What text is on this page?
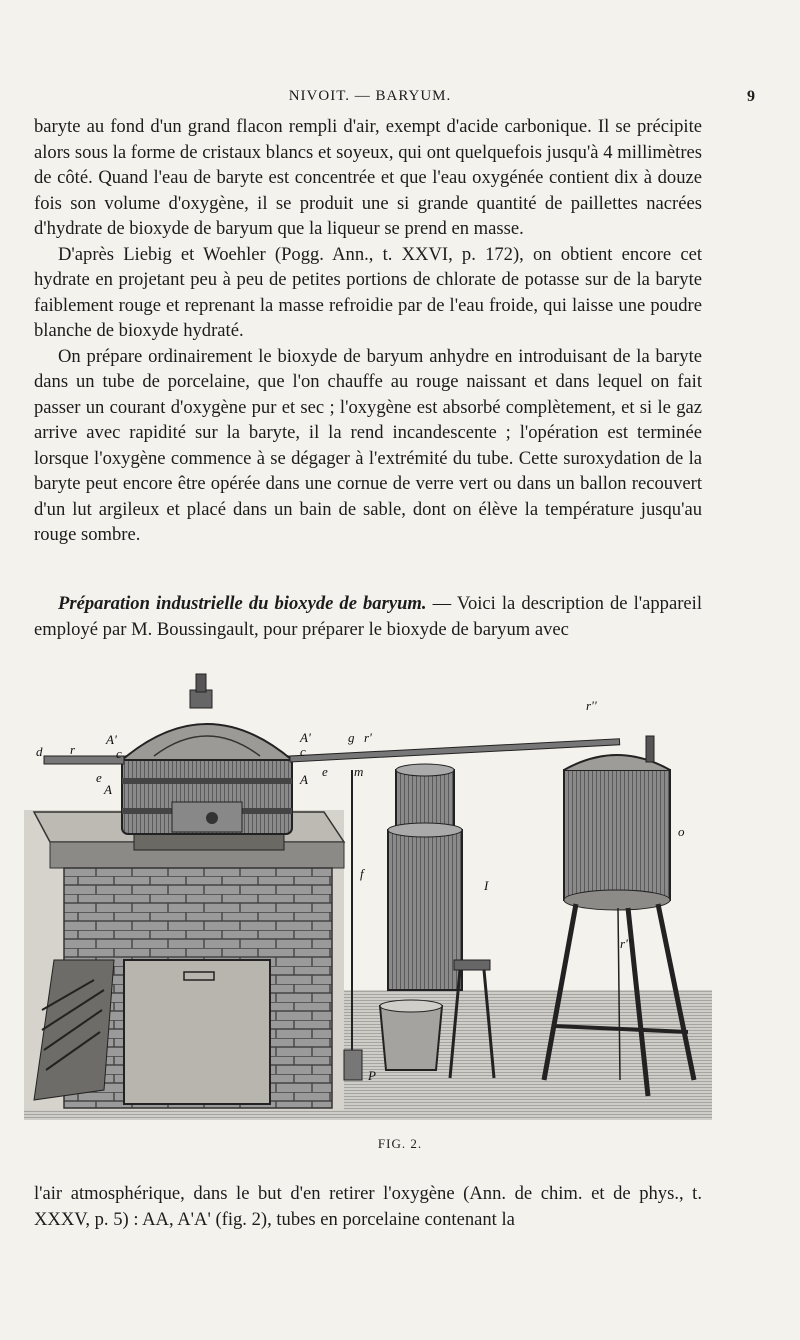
NIVOIT. — BARYUM.	9

baryte au fond d'un grand flacon rempli d'air, exempt d'acide carbonique. Il se précipite alors sous la forme de cristaux blancs et soyeux, qui ont quelquefois jusqu'à 4 millimètres de côté. Quand l'eau de baryte est concentrée et que l'eau oxygénée contient dix à douze fois son volume d'oxygène, il se produit une si grande quantité de paillettes nacrées d'hydrate de bioxyde de baryum que la liqueur se prend en masse.

D'après Liebig et Woehler (Pogg. Ann., t. XXVI, p. 172), on obtient encore cet hydrate en projetant peu à peu de petites portions de chlorate de potasse sur de la baryte faiblement rouge et reprenant la masse refroidie par de l'eau froide, qui laisse une poudre blanche de bioxyde hydraté.

On prépare ordinairement le bioxyde de baryum anhydre en introduisant de la baryte dans un tube de porcelaine, que l'on chauffe au rouge naissant et dans lequel on fait passer un courant d'oxygène pur et sec ; l'oxygène est absorbé complètement, et si le gaz arrive avec rapidité sur la baryte, il la rend incandescente ; l'opération est terminée lorsque l'oxygène commence à se dégager à l'extrémité du tube. Cette suroxydation de la baryte peut encore être opérée dans une cornue de verre vert ou dans un ballon recouvert d'un lut argileux et placé dans un bain de sable, dont on élève la température jusqu'au rouge sombre.

Préparation industrielle du bioxyde de baryum. — Voici la description de l'appareil employé par M. Boussingault, pour préparer le bioxyde de baryum avec

d r
A'
c
e
A
A'
c
A
e
g r'
m
r''
o
I
f
r''
P
FIG. 2.

l'air atmosphérique, dans le but d'en retirer l'oxygène (Ann. de chim. et de phys., t. XXXV, p. 5) : AA, A'A' (fig. 2), tubes en porcelaine contenant la
